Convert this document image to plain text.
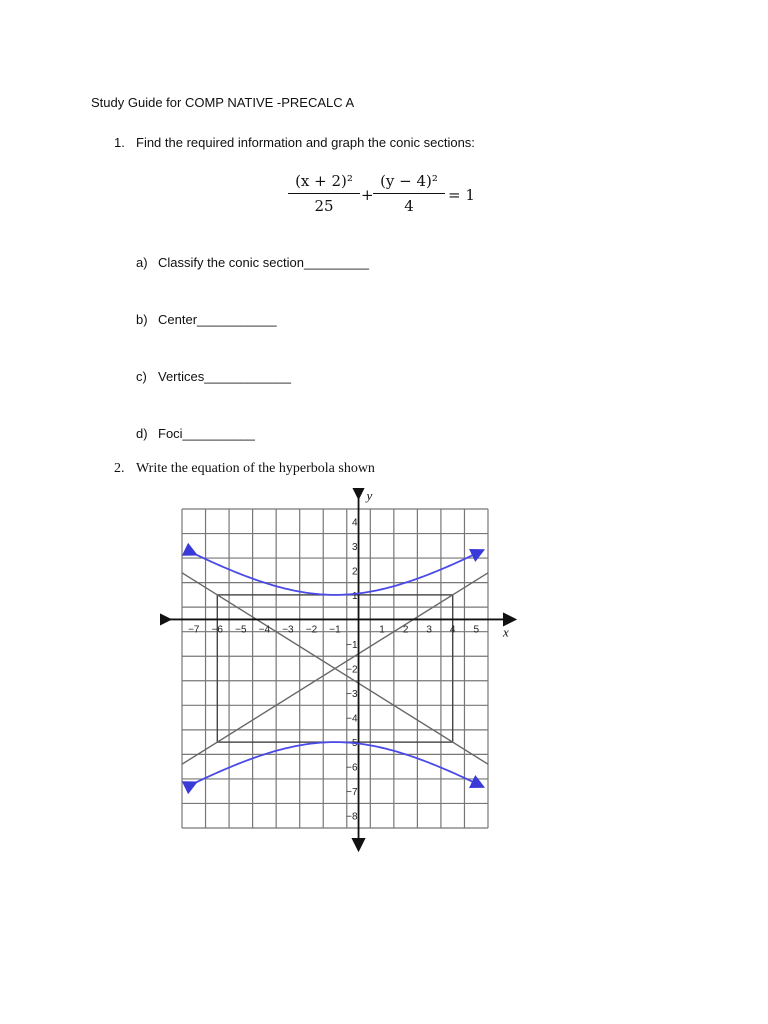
Study Guide for COMP NATIVE -PRECALC A
1. Find the required information and graph the conic sections:
(x + 2)²
25
+
(y − 4)²
4
= 1
a) Classify the conic section_________
b) Center___________
c) Vertices____________
d) Foci__________
2. Write the equation of the hyperbola shown
x
y
−7 −6 −5 −4 −3 −2 −1	1 2 3 4 5
4
3
2
1
−1
−2
−3
−4
−5
−6
−7
−8
